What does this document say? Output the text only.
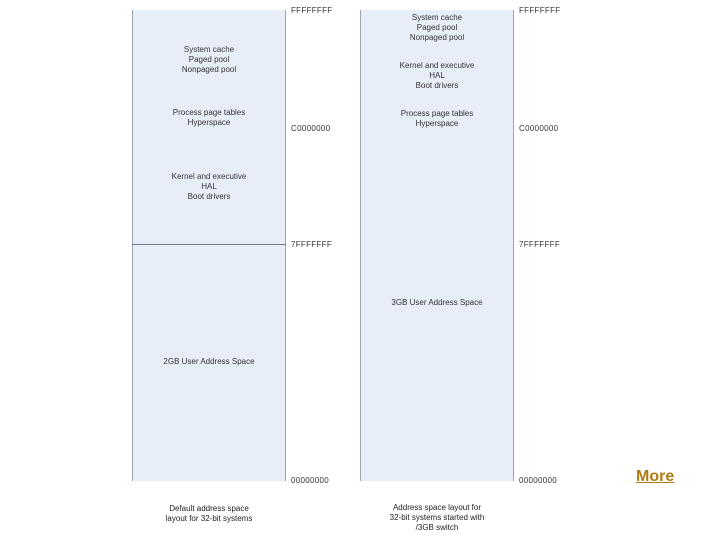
System cache
Paged pool
Nonpaged pool
Process page tables
Hyperspace
Kernel and executive
HAL
Boot drivers
2GB User Address Space
FFFFFFFF
C0000000
7FFFFFFF
00000000
Default address space
layout for 32-bit systems
System cache
Paged pool
Nonpaged pool
Kernel and executive
HAL
Boot drivers
Process page tables
Hyperspace
3GB User Address Space
FFFFFFFF
C0000000
7FFFFFFF
00000000
Address space layout for
32-bit systems started with
/3GB switch
More
